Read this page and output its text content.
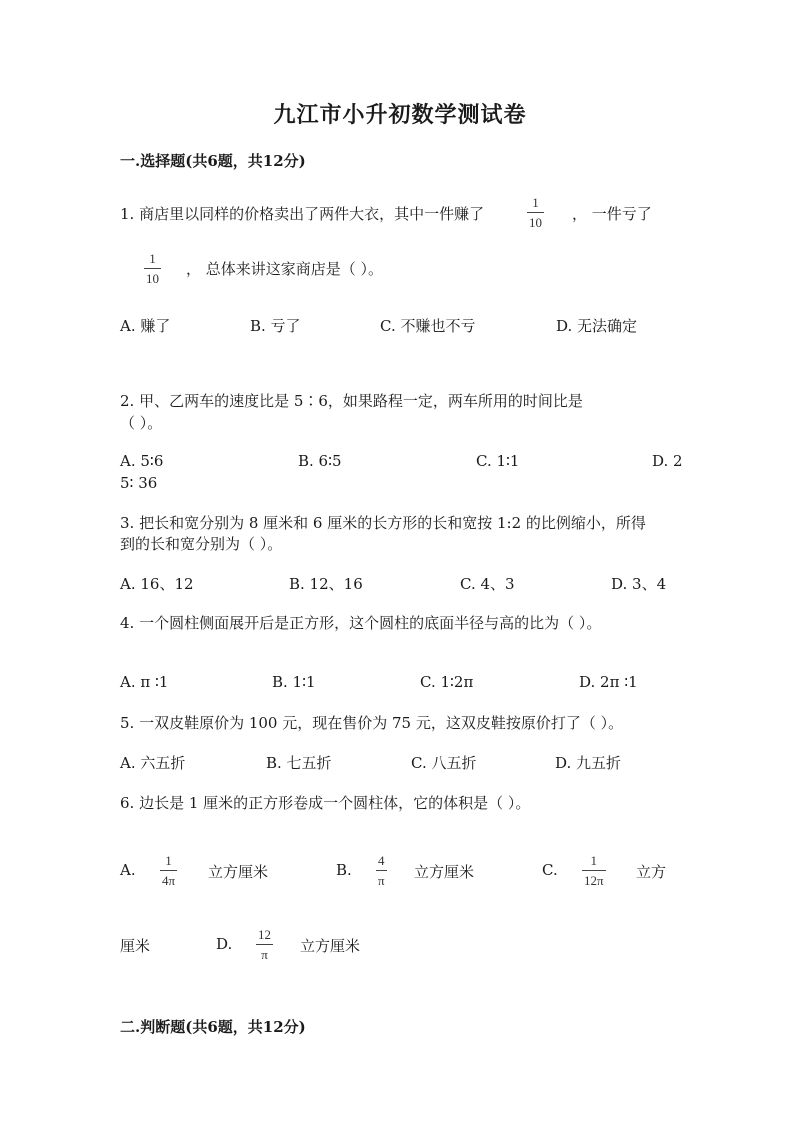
九江市小升初数学测试卷
一.选择题(共6题，共12分)
1. 商店里以同样的价格卖出了两件大衣，其中一件赚了
1
10 ， 一件亏了
1
10
， 总体来讲这家商店是（ ）。
A. 赚了	B. 亏了	C. 不赚也不亏	D. 无法确定
2. 甲、乙两车的速度比是 5∶6，如果路程一定，两车所用的时间比是
（ ）。
A. 5∶6	B. 6∶5	C. 1∶1	D. 2
5∶ 36
3. 把长和宽分别为 8 厘米和 6 厘米的长方形的长和宽按 1:2 的比例缩小，所得
到的长和宽分别为（ ）。
A. 16、12	B. 12、16	C. 4、3	D. 3、4
4. 一个圆柱侧面展开后是正方形，这个圆柱的底面半径与高的比为（ ）。
A. π ∶1	B. 1∶1	C. 1∶2π	D. 2π ∶1
5. 一双皮鞋原价为 100 元，现在售价为 75 元，这双皮鞋按原价打了（ ）。
A. 六五折	B. 七五折	C. 八五折	D. 九五折
6. 边长是 1 厘米的正方形卷成一个圆柱体，它的体积是（ ）。
A.
1
4π 立方厘米	B.
4
π 立方厘米	C.
1
12π 立方
厘米	D.
12
π 立方厘米
二.判断题(共6题，共12分)
